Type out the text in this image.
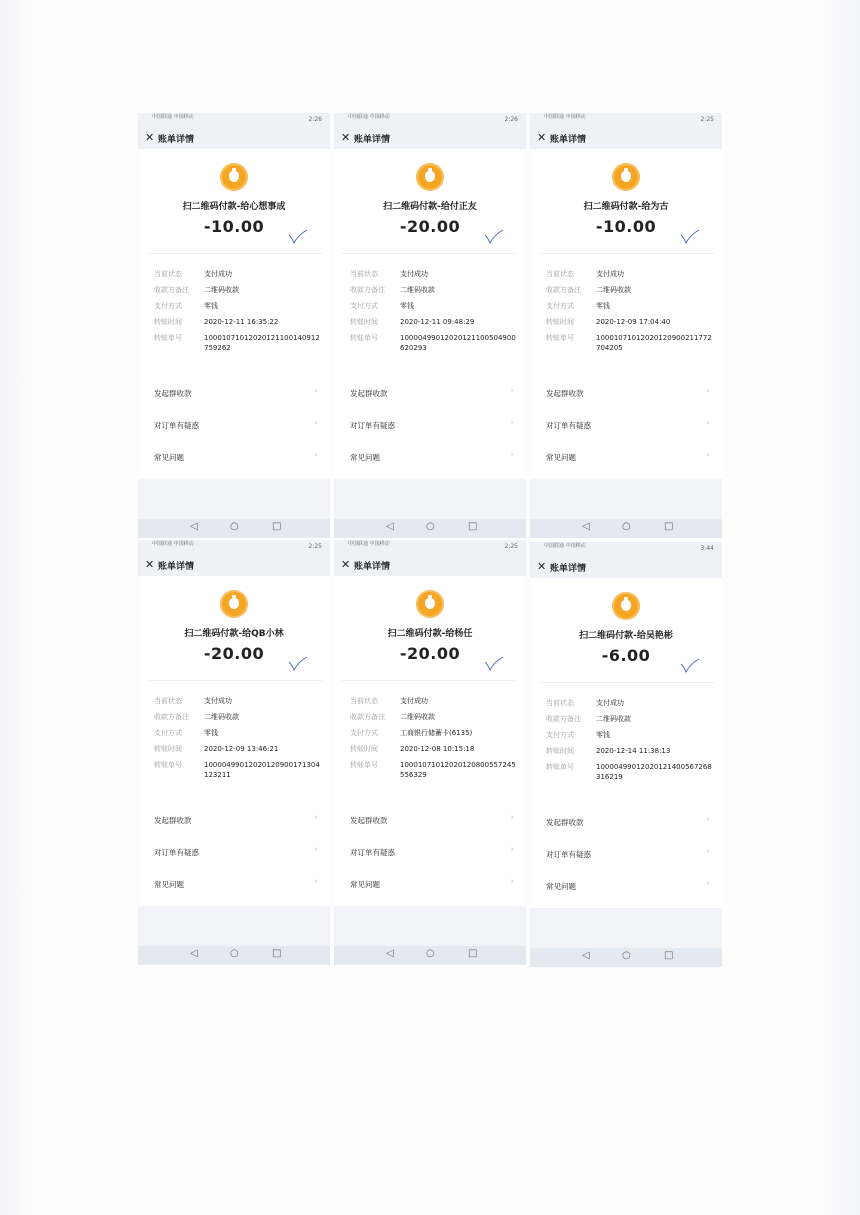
中国联通 中国移动	2:26
✕ 账单详情
扫二维码付款-给心想事成
-10.00
当前状态	支付成功
收款方备注 二维码收款
支付方式	零钱
转账时间	2020-12-11 16:35:22
转账单号	10001071012020121100140912759262
发起群收款	›
对订单有疑惑	›
常见问题	›
◁	○	□
中国联通 中国移动	2:26
✕ 账单详情
扫二维码付款-给付正友
-20.00
当前状态	支付成功
收款方备注 二维码收款
支付方式	零钱
转账时间	2020-12-11 09:48:29
转账单号	10000499012020121100504900620293
发起群收款	›
对订单有疑惑	›
常见问题	›
◁	○	□
中国联通 中国移动	2:25
✕ 账单详情
扫二维码付款-给为古
-10.00
当前状态	支付成功
收款方备注 二维码收款
支付方式	零钱
转账时间	2020-12-09 17:04:40
转账单号	10001071012020120900211772704205
发起群收款	›
对订单有疑惑	›
常见问题	›
◁	○	□
中国联通 中国移动	2:25
✕ 账单详情
扫二维码付款-给QB小林
-20.00
当前状态	支付成功
收款方备注 二维码收款
支付方式	零钱
转账时间	2020-12-09 13:46:21
转账单号	10000499012020120900171304123211
发起群收款	›
对订单有疑惑	›
常见问题	›
◁	○	□
中国联通 中国移动	2:25
✕ 账单详情
扫二维码付款-给杨任
-20.00
当前状态	支付成功
收款方备注 二维码收款
支付方式	工商银行储蓄卡(6135)
转账时间	2020-12-08 10:15:18
转账单号	10001071012020120800557245556329
发起群收款	›
对订单有疑惑	›
常见问题	›
◁	○	□
中国联通 中国移动	3:44
✕ 账单详情
扫二维码付款-给吴艳彬
-6.00
当前状态	支付成功
收款方备注 二维码收款
支付方式	零钱
转账时间	2020-12-14 11:38:13
转账单号	10000499012020121400567268316219
发起群收款	›
对订单有疑惑	›
常见问题	›
◁	○	□
